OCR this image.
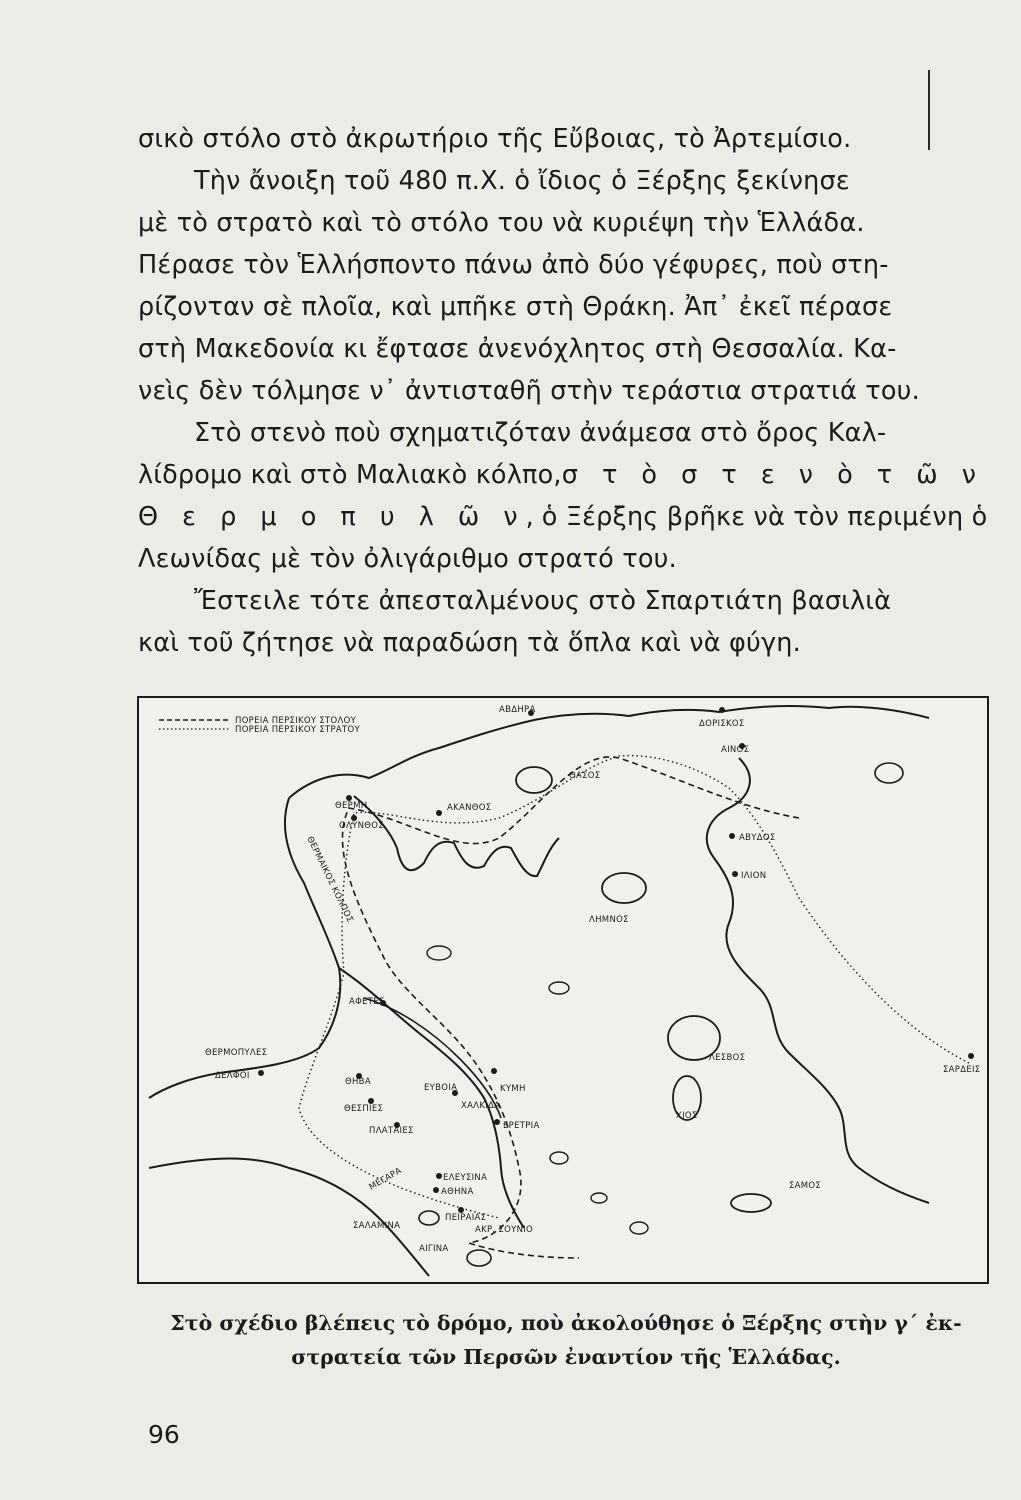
σικὸ στόλο στὸ ἀκρωτήριο τῆς Εὔβοιας, τὸ Ἀρτεμίσιο.
Τὴν ἄνοιξη τοῦ 480 π.Χ. ὁ ἴδιος ὁ Ξέρξης ξεκίνησε
μὲ τὸ στρατὸ καὶ τὸ στόλο του νὰ κυριέψη τὴν Ἑλλάδα.
Πέρασε τὸν Ἑλλήσποντο πάνω ἀπὸ δύο γέφυρες, ποὺ στη-
ρίζονταν σὲ πλοῖα, καὶ μπῆκε στὴ Θράκη. Ἀπ᾽ ἐκεῖ πέρασε
στὴ Μακεδονία κι ἔφτασε ἀνενόχλητος στὴ Θεσσαλία. Κα-
νεὶς δὲν τόλμησε ν᾽ ἀντισταθῆ στὴν τεράστια στρατιά του.
Στὸ στενὸ ποὺ σχηματιζόταν ἀνάμεσα στὸ ὄρος Καλ-
λίδρομο καὶ στὸ Μαλιακὸ κόλπο, σ τ ὸ σ τ ε ν ὸ τ ῶ ν
Θ ε ρ μ ο π υ λ ῶ ν, ὁ Ξέρξης βρῆκε νὰ τὸν περιμένη ὁ
Λεωνίδας μὲ τὸν ὀλιγάριθμο στρατό του.
Ἔστειλε τότε ἀπεσταλμένους στὸ Σπαρτιάτη βασιλιὰ
καὶ τοῦ ζήτησε νὰ παραδώση τὰ ὅπλα καὶ νὰ φύγη.
ΠΟΡΕΙΑ ΠΕΡΣΙΚΟΥ ΣΤΟΛΟΥ
ΠΟΡΕΙΑ ΠΕΡΣΙΚΟΥ ΣΤΡΑΤΟΥ
ΑΒΔΗΡΑ
ΔΟΡΙΣΚΟΣ
ΑΙΝΟΣ
ΘΑΣΟΣ
ΘΕΡΜΗ	ΑΚΑΝΘΟΣ
ΟΛΥΝΘΟΣ
ΑΒΥΔΟΣ
ΙΛΙΟΝ
ΛΗΜΝΟΣ
ΘΕΡΜΑΙΚΟΣ ΚΟΛΠΟΣ
ΑΦΕΤΕΣ
ΛΕΣΒΟΣ
ΣΑΡΔΕΙΣ
ΘΕΡΜΟΠΥΛΕΣ
ΔΕΛΦΟΙ
ΘΗΒΑ
ΕΥΒΟΙΑ	ΚΥΜΗ
ΧΑΛΚΙΔΑ
ΘΕΣΠΙΕΣ
ΕΡΕΤΡΙΑ
ΠΛΑΤΑΙΕΣ
ΧΙΟΣ
ΕΛΕΥΣΙΝΑ
ΑΘΗΝΑ
ΜΕΓΑΡΑ	ΣΑΜΟΣ
ΠΕΙΡΑΙΑΣ
ΣΑΛΑΜΙΝΑ	ΑΚΡ. ΣΟΥΝΙΟ
ΑΙΓΙΝΑ
Στὸ σχέδιο βλέπεις τὸ δρόμο, ποὺ ἀκολούθησε ὁ Ξέρξης στὴν γ´ ἐκ-
στρατεία τῶν Περσῶν ἐναντίον τῆς Ἑλλάδας.
96
